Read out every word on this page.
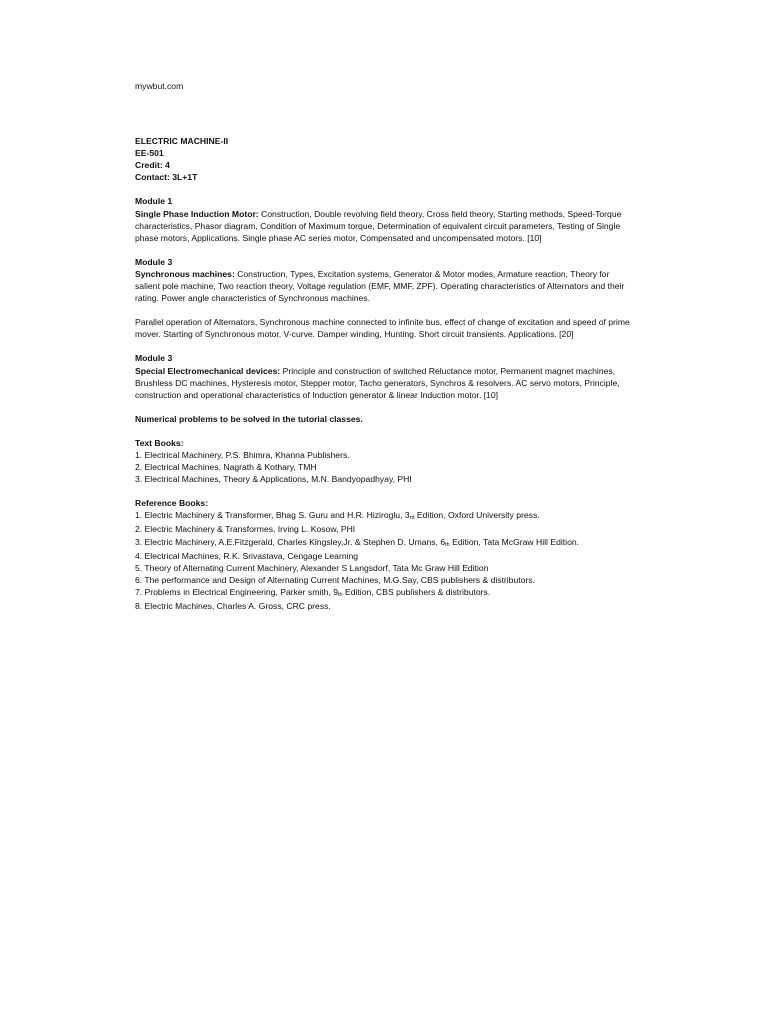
mywbut.com
ELECTRIC MACHINE-II
EE-501
Credit: 4
Contact: 3L+1T
Module 1
Single Phase Induction Motor: Construction, Double revolving field theory, Cross field theory, Starting methods, Speed-Torque characteristics, Phasor diagram, Condition of Maximum torque, Determination of equivalent circuit parameters, Testing of Single phase motors, Applications. Single phase AC series motor, Compensated and uncompensated motors. [10]
Module 3
Synchronous machines: Construction, Types, Excitation systems, Generator & Motor modes, Armature reaction, Theory for salient pole machine, Two reaction theory, Voltage regulation (EMF, MMF, ZPF). Operating characteristics of Alternators and their rating. Power angle characteristics of Synchronous machines.
Parallel operation of Alternators, Synchronous machine connected to infinite bus, effect of change of excitation and speed of prime mover. Starting of Synchronous motor, V-curve. Damper winding, Hunting. Short circuit transients. Applications. [20]
Module 3
Special Electromechanical devices: Principle and construction of switched Reluctance motor, Permanent magnet machines, Brushless DC machines, Hysteresis motor, Stepper motor, Tacho generators, Synchros & resolvers. AC servo motors, Principle, construction and operational characteristics of Induction generator & linear Induction motor. [10]
Numerical problems to be solved in the tutorial classes.
Text Books:
1. Electrical Machinery, P.S. Bhimra, Khanna Publishers.
2. Electrical Machines, Nagrath & Kothary, TMH
3. Electrical Machines, Theory & Applications, M.N. Bandyopadhyay, PHI
Reference Books:
1. Electric Machinery & Transformer, Bhag S. Guru and H.R. Hiziroglu, $3_{rd}$ Edition, Oxford University press.
2. Electric Machinery & Transformes, Irving L. Kosow, PHI
3. Electric Machinery, A.E.Fitzgerald, Charles Kingsley,Jr. & Stephen D. Umans, $6_{th}$ Edition, Tata McGraw Hill Edition.
4. Electrical Machines, R.K. Srivastava, Cengage Learning
5. Theory of Alternating Current Machinery, Alexander S Langsdorf, Tata Mc Graw Hill Edition
6. The performance and Design of Alternating Current Machines, M.G.Say, CBS publishers & distributors.
7. Problems in Electrical Engineering, Parker smith, $9_{th}$ Edition, CBS publishers & distributors.
8. Electric Machines, Charles A. Gross, CRC press.
